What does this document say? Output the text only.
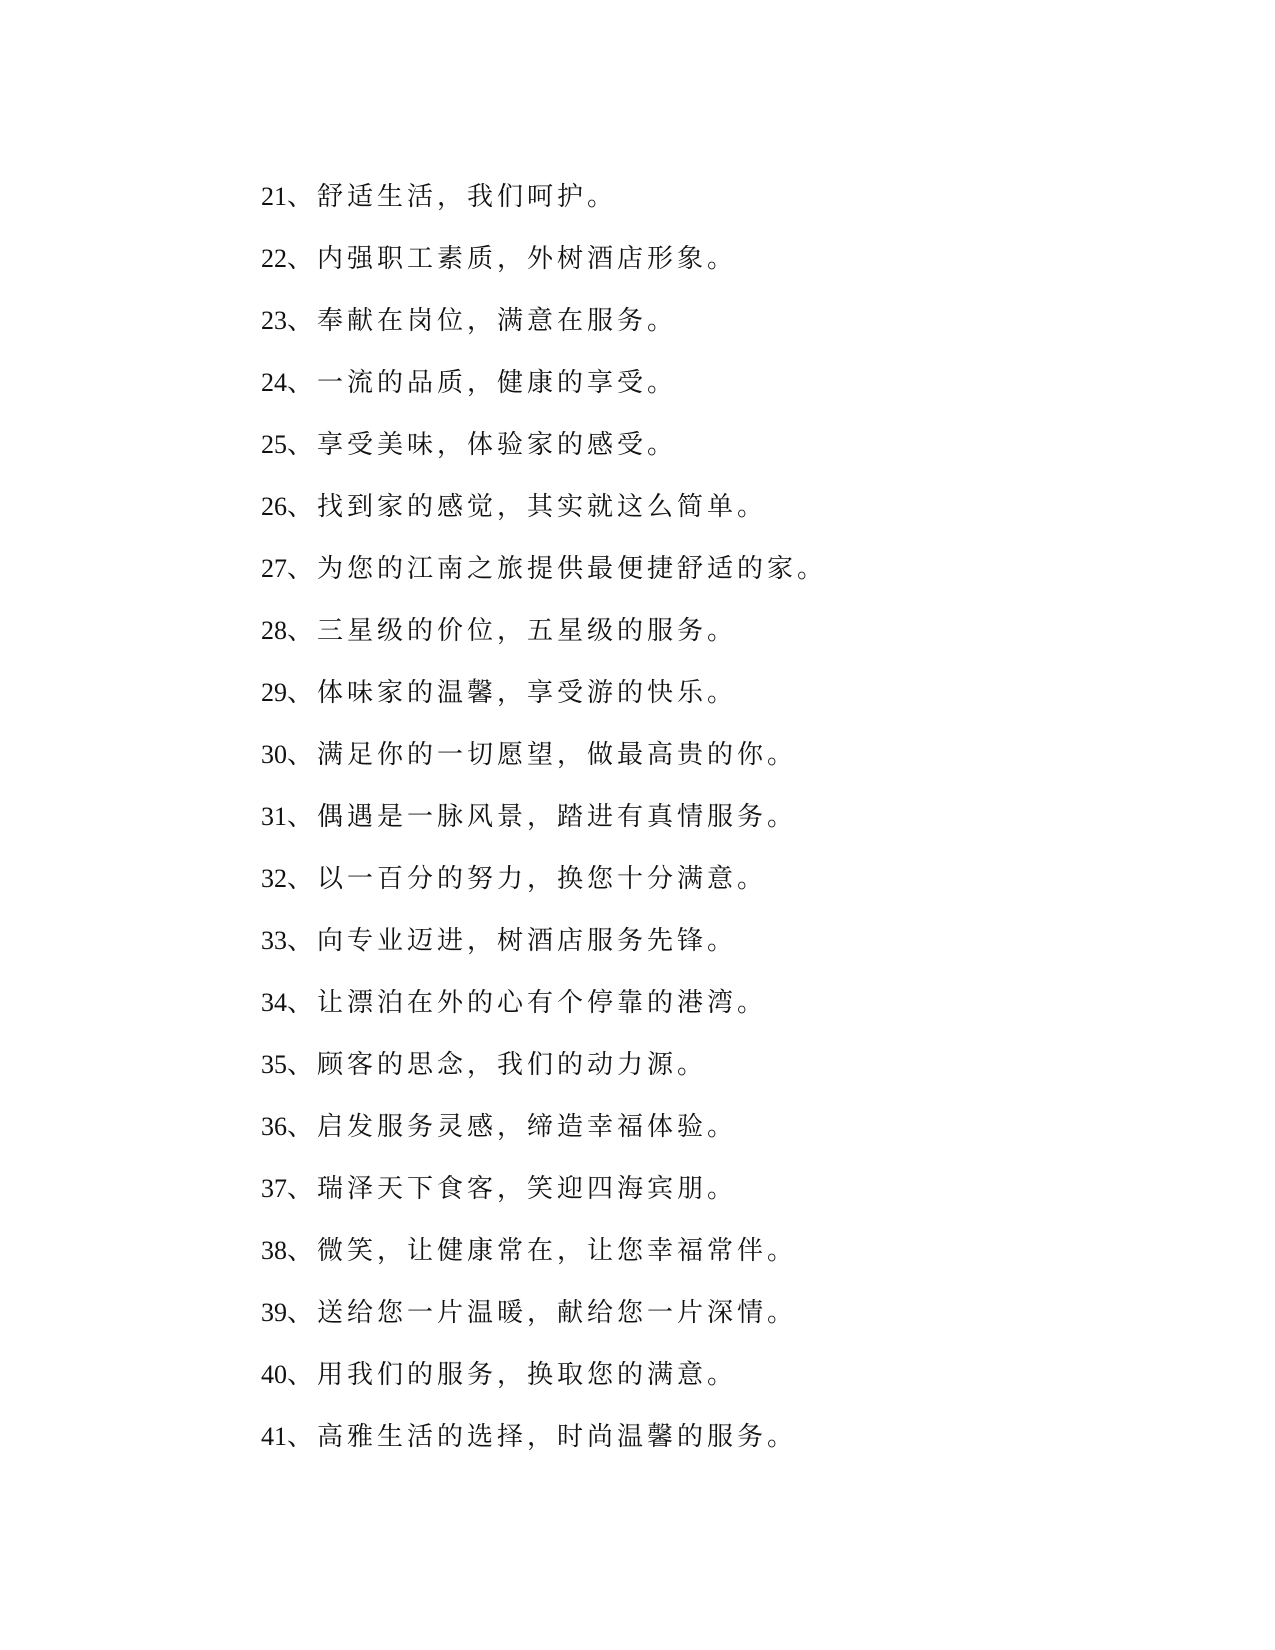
21、舒适生活，我们呵护。
22、内强职工素质，外树酒店形象。
23、奉献在岗位，满意在服务。
24、一流的品质，健康的享受。
25、享受美味，体验家的感受。
26、找到家的感觉，其实就这么简单。
27、为您的江南之旅提供最便捷舒适的家。
28、三星级的价位，五星级的服务。
29、体味家的温馨，享受游的快乐。
30、满足你的一切愿望，做最高贵的你。
31、偶遇是一脉风景，踏进有真情服务。
32、以一百分的努力，换您十分满意。
33、向专业迈进，树酒店服务先锋。
34、让漂泊在外的心有个停靠的港湾。
35、顾客的思念，我们的动力源。
36、启发服务灵感，缔造幸福体验。
37、瑞泽天下食客，笑迎四海宾朋。
38、微笑，让健康常在，让您幸福常伴。
39、送给您一片温暖，献给您一片深情。
40、用我们的服务，换取您的满意。
41、高雅生活的选择，时尚温馨的服务。
